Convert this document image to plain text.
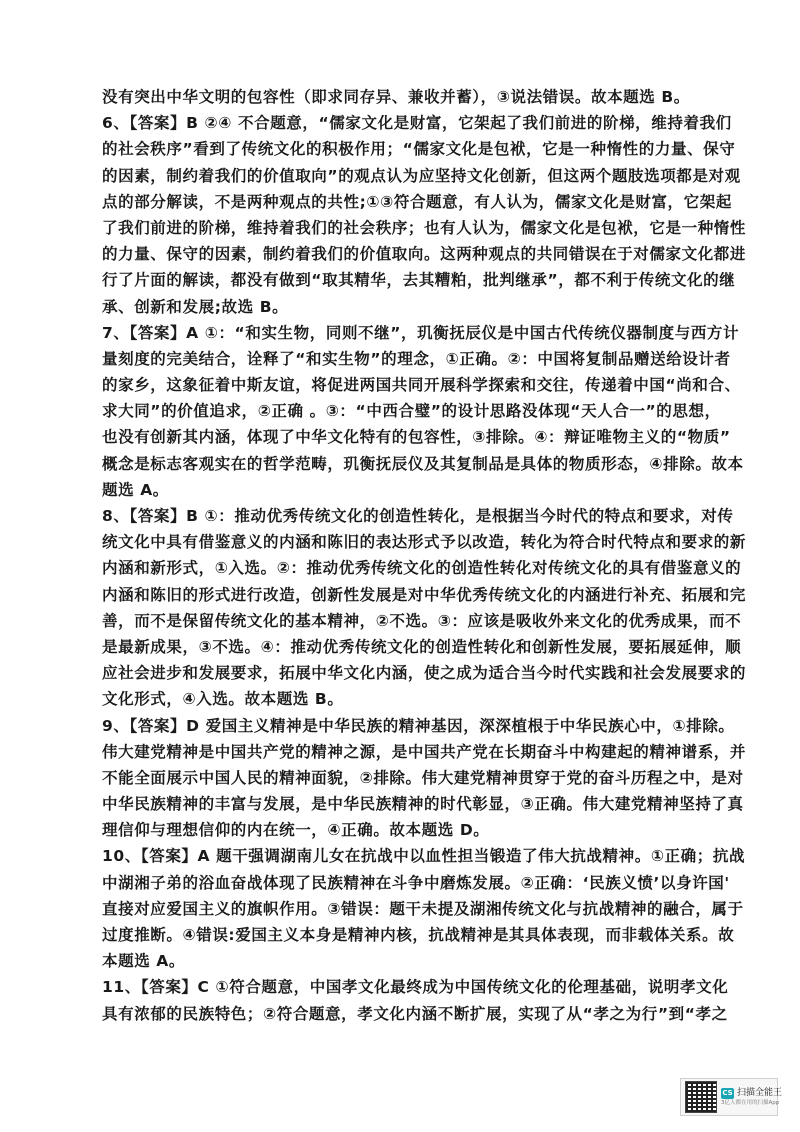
没有突出中华文明的包容性（即求同存异、兼收并蓄），③说法错误。故本题选 B。
6、【答案】B ②④ 不合题意，“儒家文化是财富，它架起了我们前进的阶梯，维持着我们
的社会秩序”看到了传统文化的积极作用；“儒家文化是包袱，它是一种惰性的力量、保守
的因素，制约着我们的价值取向”的观点认为应坚持文化创新，但这两个题肢选项都是对观
点的部分解读，不是两种观点的共性;①③符合题意，有人认为，儒家文化是财富，它架起
了我们前进的阶梯，维持着我们的社会秩序；也有人认为，儒家文化是包袱，它是一种惰性
的力量、保守的因素，制约着我们的价值取向。这两种观点的共同错误在于对儒家文化都进
行了片面的解读，都没有做到“取其精华，去其糟粕，批判继承”，都不利于传统文化的继
承、创新和发展;故选 B。
7、【答案】A ①：“和实生物，同则不继”，玑衡抚辰仪是中国古代传统仪器制度与西方计
量刻度的完美结合，诠释了“和实生物”的理念，①正确。②：中国将复制品赠送给设计者
的家乡，这象征着中斯友谊，将促进两国共同开展科学探索和交往，传递着中国“尚和合、
求大同”的价值追求，②正确 。③：“中西合璧”的设计思路没体现“天人合一”的思想，
也没有创新其内涵，体现了中华文化特有的包容性，③排除。④：辩证唯物主义的“物质”
概念是标志客观实在的哲学范畴，玑衡抚辰仪及其复制品是具体的物质形态，④排除。故本
题选 A。
8、【答案】B ①：推动优秀传统文化的创造性转化，是根据当今时代的特点和要求，对传
统文化中具有借鉴意义的内涵和陈旧的表达形式予以改造，转化为符合时代特点和要求的新
内涵和新形式，①入选。②：推动优秀传统文化的创造性转化对传统文化的具有借鉴意义的
内涵和陈旧的形式进行改造，创新性发展是对中华优秀传统文化的内涵进行补充、拓展和完
善，而不是保留传统文化的基本精神，②不选。③：应该是吸收外来文化的优秀成果，而不
是最新成果，③不选。④：推动优秀传统文化的创造性转化和创新性发展，要拓展延伸，顺
应社会进步和发展要求，拓展中华文化内涵，使之成为适合当今时代实践和社会发展要求的
文化形式，④入选。故本题选 B。
9、【答案】D 爱国主义精神是中华民族的精神基因，深深植根于中华民族心中，①排除。
伟大建党精神是中国共产党的精神之源，是中国共产党在长期奋斗中构建起的精神谱系，并
不能全面展示中国人民的精神面貌，②排除。伟大建党精神贯穿于党的奋斗历程之中，是对
中华民族精神的丰富与发展，是中华民族精神的时代彰显，③正确。伟大建党精神坚持了真
理信仰与理想信仰的内在统一，④正确。故本题选 D。
10、【答案】A 题干强调湖南儿女在抗战中以血性担当锻造了伟大抗战精神。①正确；抗战
中湖湘子弟的浴血奋战体现了民族精神在斗争中磨炼发展。②正确：‘民族义愤’以身许国'
直接对应爱国主义的旗帜作用。③错误：题干未提及湖湘传统文化与抗战精神的融合，属于
过度推断。④错误:爱国主义本身是精神内核，抗战精神是其具体表现，而非载体关系。故
本题选 A。
11、【答案】C ①符合题意，中国孝文化最终成为中国传统文化的伦理基础，说明孝文化
具有浓郁的民族特色；②符合题意，孝文化内涵不断扩展，实现了从“孝之为行”到“孝之
CS 扫描全能王
3亿人都在用的扫描App
